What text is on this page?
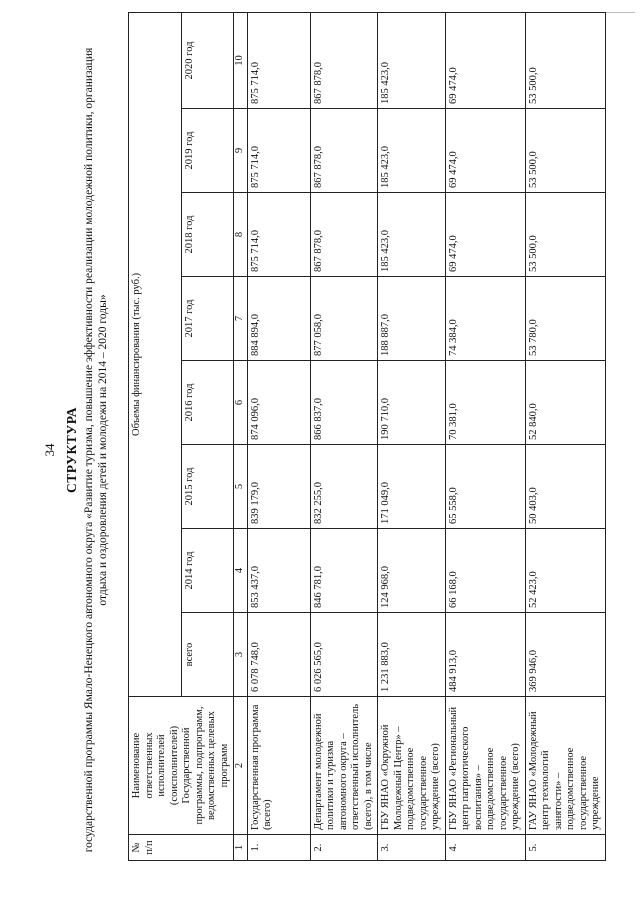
34 СТРУКТУРА государственной программы Ямало-Ненецкого автономного округа «Развитие туризма, повышение эффективности реализации молодежной политики, организация отдыха и оздоровления детей и молодежи на 2014 – 2020 годы»
№ п/п	Наименование ответственных исполнителей (соисполнителей) Государственной программы, подпрограмм, ведомственных целевых программ	Объемы финансирования (тыс. руб.)							
		всего	2014 год	2015 год	2016 год	2017 год	2018 год	2019 год	2020 год
1	2	3	4	5	6	7	8	9	10
1.	Государственная программа (всего)	6 078 748,0	853 437,0	839 179,0	874 096,0	884 894,0	875 714,0	875 714,0	875 714,0
2.	Департамент молодежной политики и туризма автономного округа – ответственный исполнитель (всего), в том числе	6 026 565,0	846 781,0	832 255,0	866 837,0	877 058,0	867 878,0	867 878,0	867 878,0
3.	ГБУ ЯНАО «Окружной Молодежный Центр» – подведомственное государственное учреждение (всего)	1 231 883,0	124 968,0	171 049,0	190 710,0	188 887,0	185 423,0	185 423,0	185 423,0
4.	ГБУ ЯНАО «Региональный центр патриотического воспитания» – подведомственное государственное учреждение (всего)	484 913,0	66 168,0	65 558,0	70 381,0	74 384,0	69 474,0	69 474,0	69 474,0
5.	ГАУ ЯНАО «Молодежный центр технологий занятости» – подведомственное государственное учреждение	369 946,0	52 423,0	50 403,0	52 840,0	53 780,0	53 500,0	53 500,0	53 500,0
